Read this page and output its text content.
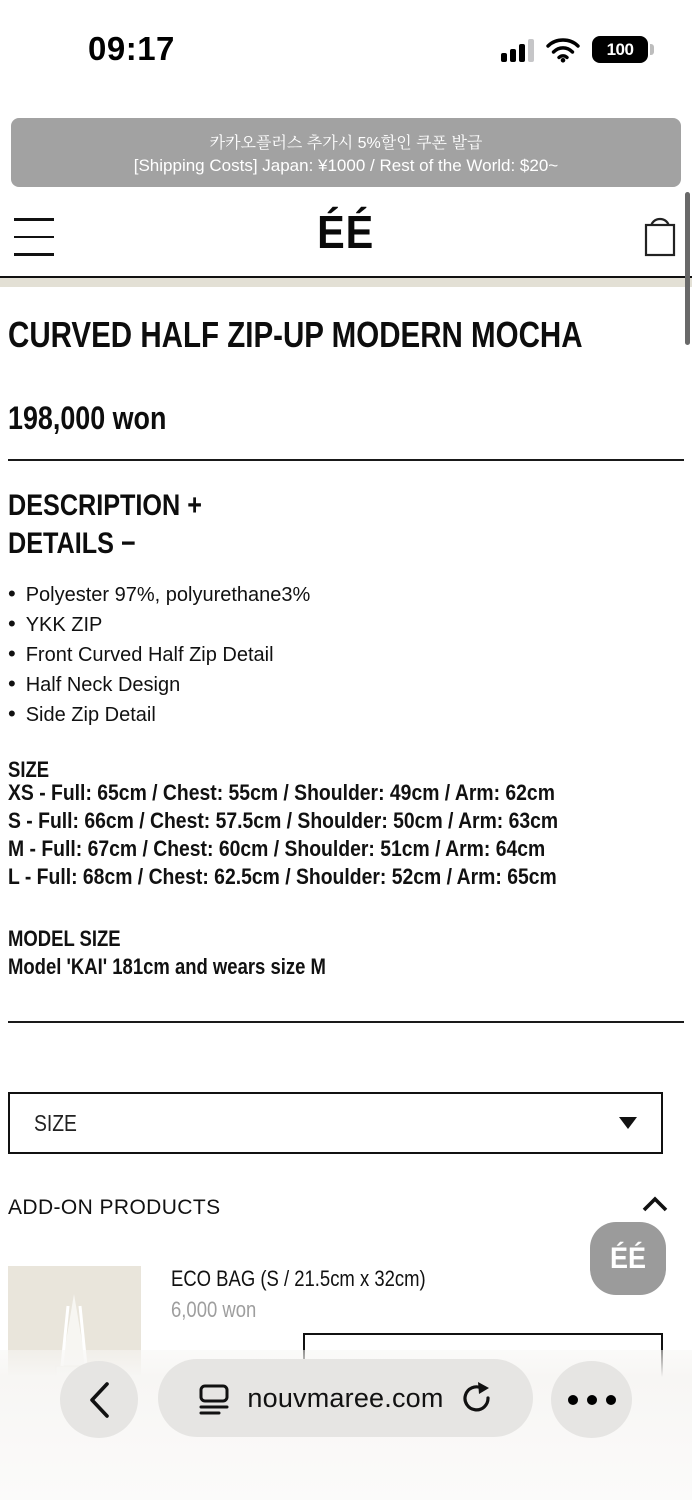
09:17	100
카카오플러스 추가시 5%할인 쿠폰 발급
[Shipping Costs] Japan: ¥1000 / Rest of the World: $20~
ÉÉ
CURVED HALF ZIP-UP MODERN MOCHA
198,000 won
DESCRIPTION +
DETAILS −
• Polyester 97%, polyurethane3%
• YKK ZIP
• Front Curved Half Zip Detail
• Half Neck Design
• Side Zip Detail
SIZE
XS - Full: 65cm / Chest: 55cm / Shoulder: 49cm / Arm: 62cm
S - Full: 66cm / Chest: 57.5cm / Shoulder: 50cm / Arm: 63cm
M - Full: 67cm / Chest: 60cm / Shoulder: 51cm / Arm: 64cm
L - Full: 68cm / Chest: 62.5cm / Shoulder: 52cm / Arm: 65cm
MODEL SIZE
Model 'KAI' 181cm and wears size M
SIZE
ADD-ON PRODUCTS
ECO BAG (S / 21.5cm x 32cm)
6,000 won
ÉÉ
nouvmaree.com
